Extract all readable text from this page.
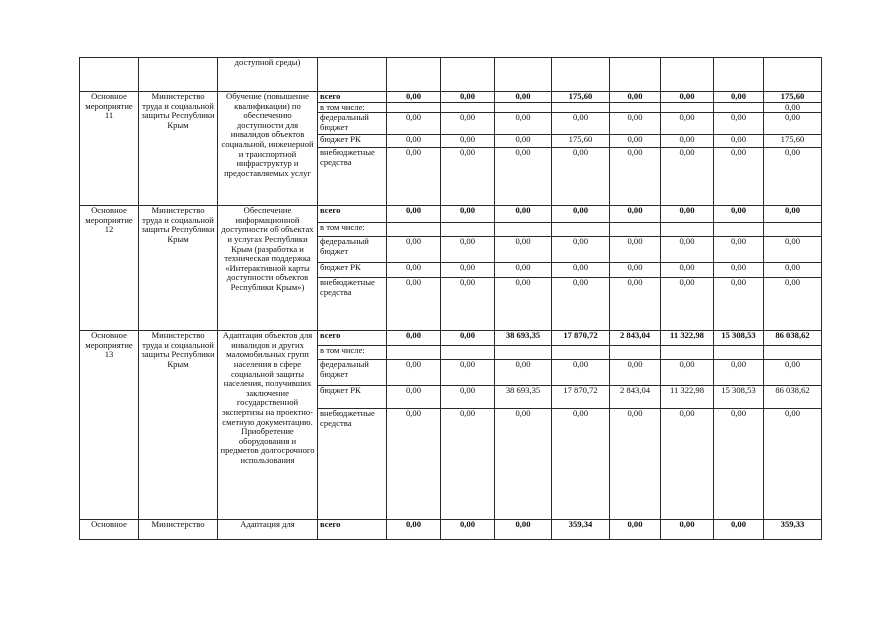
		доступной среды)									
Основное мероприятие 11	Министерство труда и социальной защиты Республики Крым	Обучение (повышение квалификации) по обеспечению доступности для инвалидов объектов социальной, инженерной и транспортной инфраструктур и предоставляемых услуг	всего	0,00	0,00	0,00	175,60	0,00	0,00	0,00	175,60
			в том числе:								0,00
			федеральный бюджет	0,00	0,00	0,00	0,00	0,00	0,00	0,00	0,00
			бюджет РК	0,00	0,00	0,00	175,60	0,00	0,00	0,00	175,60
			внебюджетные средства	0,00	0,00	0,00	0,00	0,00	0,00	0,00	0,00
Основное мероприятие 12	Министерство труда и социальной защиты Республики Крым	Обеспечение информационной доступности об объектах и услугах Республики Крым (разработка и техническая поддержка «Интерактивной карты доступности объектов Республики Крым»)	всего	0,00	0,00	0,00	0,00	0,00	0,00	0,00	0,00
			в том числе:								
			федеральный бюджет	0,00	0,00	0,00	0,00	0,00	0,00	0,00	0,00
			бюджет РК	0,00	0,00	0,00	0,00	0,00	0,00	0,00	0,00
			внебюджетные средства	0,00	0,00	0,00	0,00	0,00	0,00	0,00	0,00
Основное мероприятие 13	Министерство труда и социальной защиты Республики Крым	Адаптация объектов для инвалидов и других маломобильных групп населения в сфере социальной защиты населения, получивших заключение государственной экспертизы на проектно-сметную документацию. Приобретение оборудования и предметов долгосрочного использования	всего	0,00	0,00	38 693,35	17 870,72	2 843,04	11 322,98	15 308,53	86 038,62
			в том числе:								
			федеральный бюджет	0,00	0,00	0,00	0,00	0,00	0,00	0,00	0,00
			бюджет РК	0,00	0,00	38 693,35	17 870,72	2 843,04	11 322,98	15 308,53	86 038,62
			внебюджетные средства	0,00	0,00	0,00	0,00	0,00	0,00	0,00	0,00
Основное	Министерство	Адаптация для	всего	0,00	0,00	0,00	359,34	0,00	0,00	0,00	359,33
